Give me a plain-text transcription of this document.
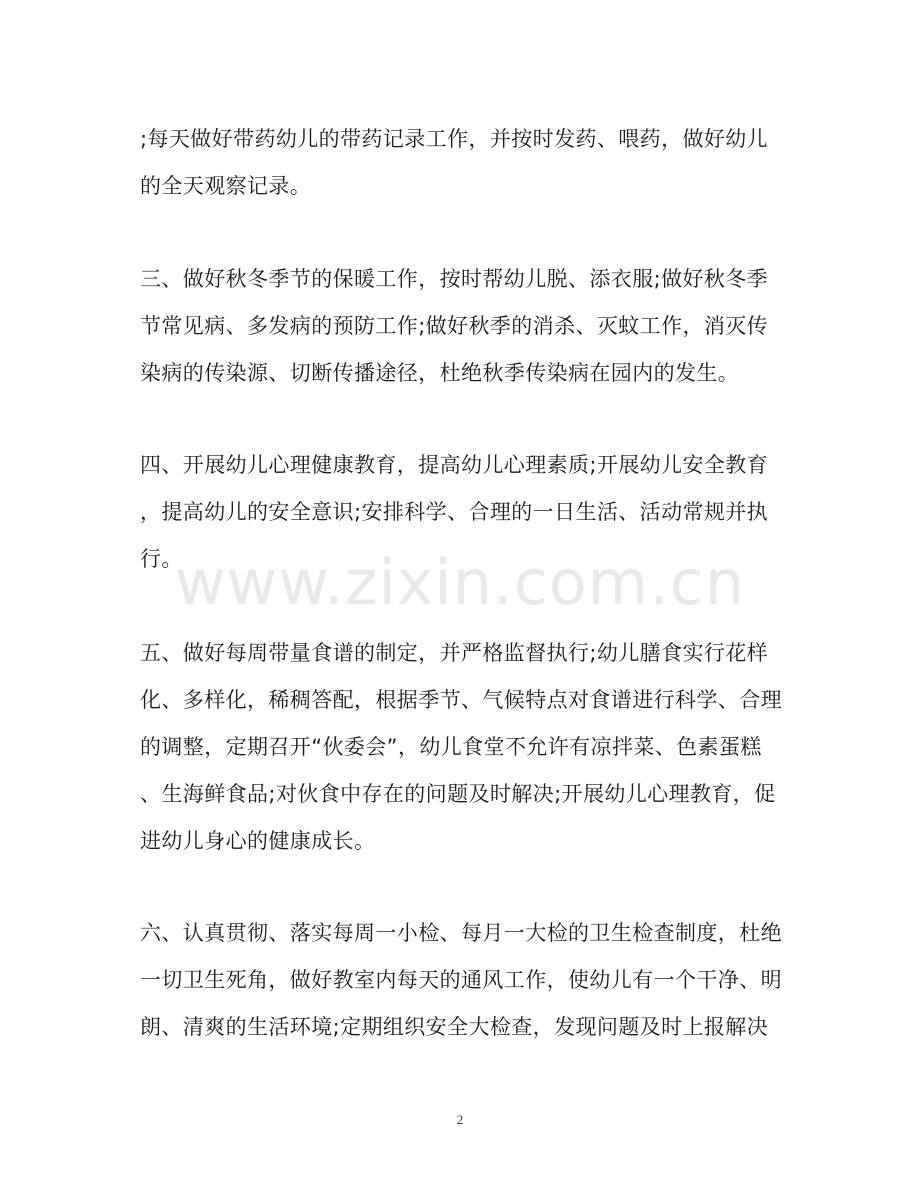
;每天做好带药幼儿的带药记录工作，并按时发药、喂药，做好幼儿
的全天观察记录。
三、做好秋冬季节的保暖工作，按时帮幼儿脱、添衣服;做好秋冬季
节常见病、多发病的预防工作;做好秋季的消杀、灭蚊工作，消灭传
染病的传染源、切断传播途径，杜绝秋季传染病在园内的发生。
四、开展幼儿心理健康教育，提高幼儿心理素质;开展幼儿安全教育
，提高幼儿的安全意识;安排科学、合理的一日生活、活动常规并执
行。
五、做好每周带量食谱的制定，并严格监督执行;幼儿膳食实行花样
化、多样化，稀稠答配，根据季节、气候特点对食谱进行科学、合理
的调整，定期召开“伙委会”，幼儿食堂不允许有凉拌菜、色素蛋糕
、生海鲜食品;对伙食中存在的问题及时解决;开展幼儿心理教育，促
进幼儿身心的健康成长。
六、认真贯彻、落实每周一小检、每月一大检的卫生检查制度，杜绝
一切卫生死角，做好教室内每天的通风工作，使幼儿有一个干净、明
朗、清爽的生活环境;定期组织安全大检查，发现问题及时上报解决
www.zixin.com.cn
2
